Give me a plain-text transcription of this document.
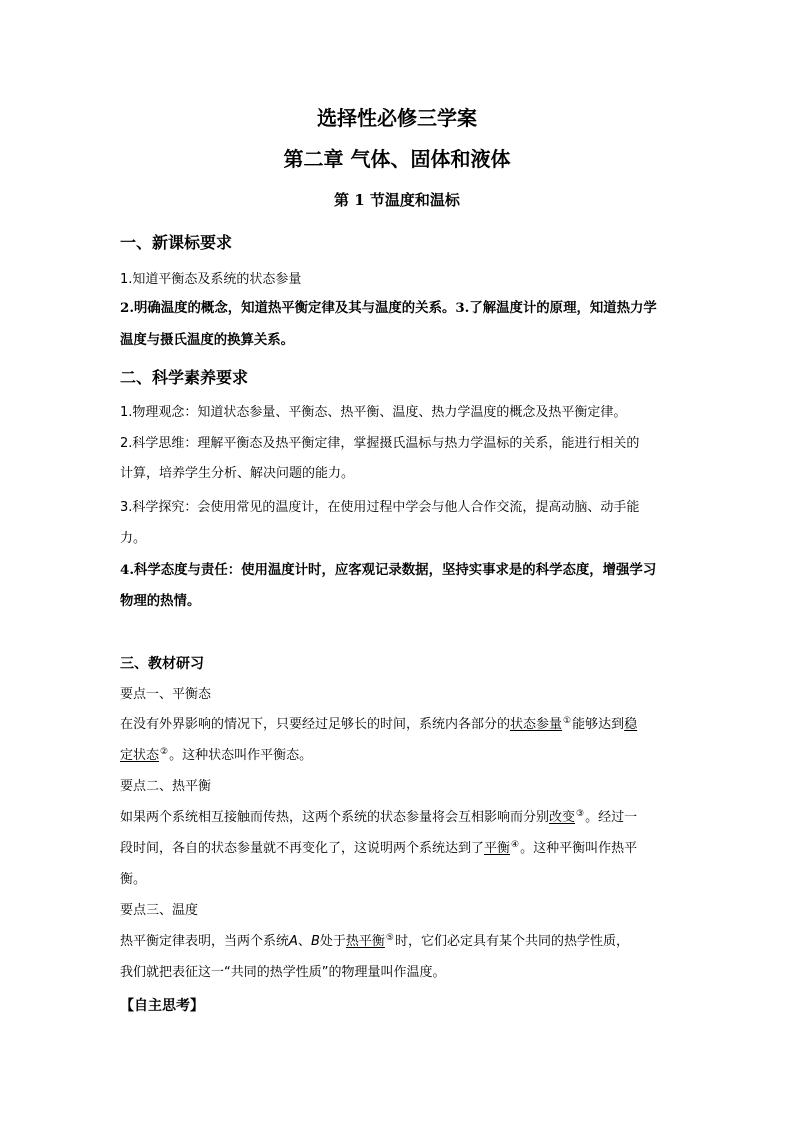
选择性必修三学案
第二章 气体、固体和液体
第 1 节温度和温标
一、新课标要求
1.知道平衡态及系统的状态参量
2.明确温度的概念，知道热平衡定律及其与温度的关系。3.了解温度计的原理，知道热力学
温度与摄氏温度的换算关系。
二、科学素养要求
1.物理观念：知道状态参量、平衡态、热平衡、温度、热力学温度的概念及热平衡定律。
2.科学思维：理解平衡态及热平衡定律，掌握摄氏温标与热力学温标的关系，能进行相关的
计算，培养学生分析、解决问题的能力。
3.科学探究：会使用常见的温度计，在使用过程中学会与他人合作交流，提高动脑、动手能
力。
4.科学态度与责任：使用温度计时，应客观记录数据，坚持实事求是的科学态度，增强学习
物理的热情。
三、教材研习
要点一、平衡态
在没有外界影响的情况下，只要经过足够长的时间，系统内各部分的状态参量①能够达到稳
定状态②。这种状态叫作平衡态。
要点二、热平衡
如果两个系统相互接触而传热，这两个系统的状态参量将会互相影响而分别改变③。经过一
段时间，各自的状态参量就不再变化了，这说明两个系统达到了平衡④。这种平衡叫作热平
衡。
要点三、温度
热平衡定律表明，当两个系统A、B处于热平衡⑤时，它们必定具有某个共同的热学性质，
我们就把表征这一“共同的热学性质”的物理量叫作温度。
【自主思考】
